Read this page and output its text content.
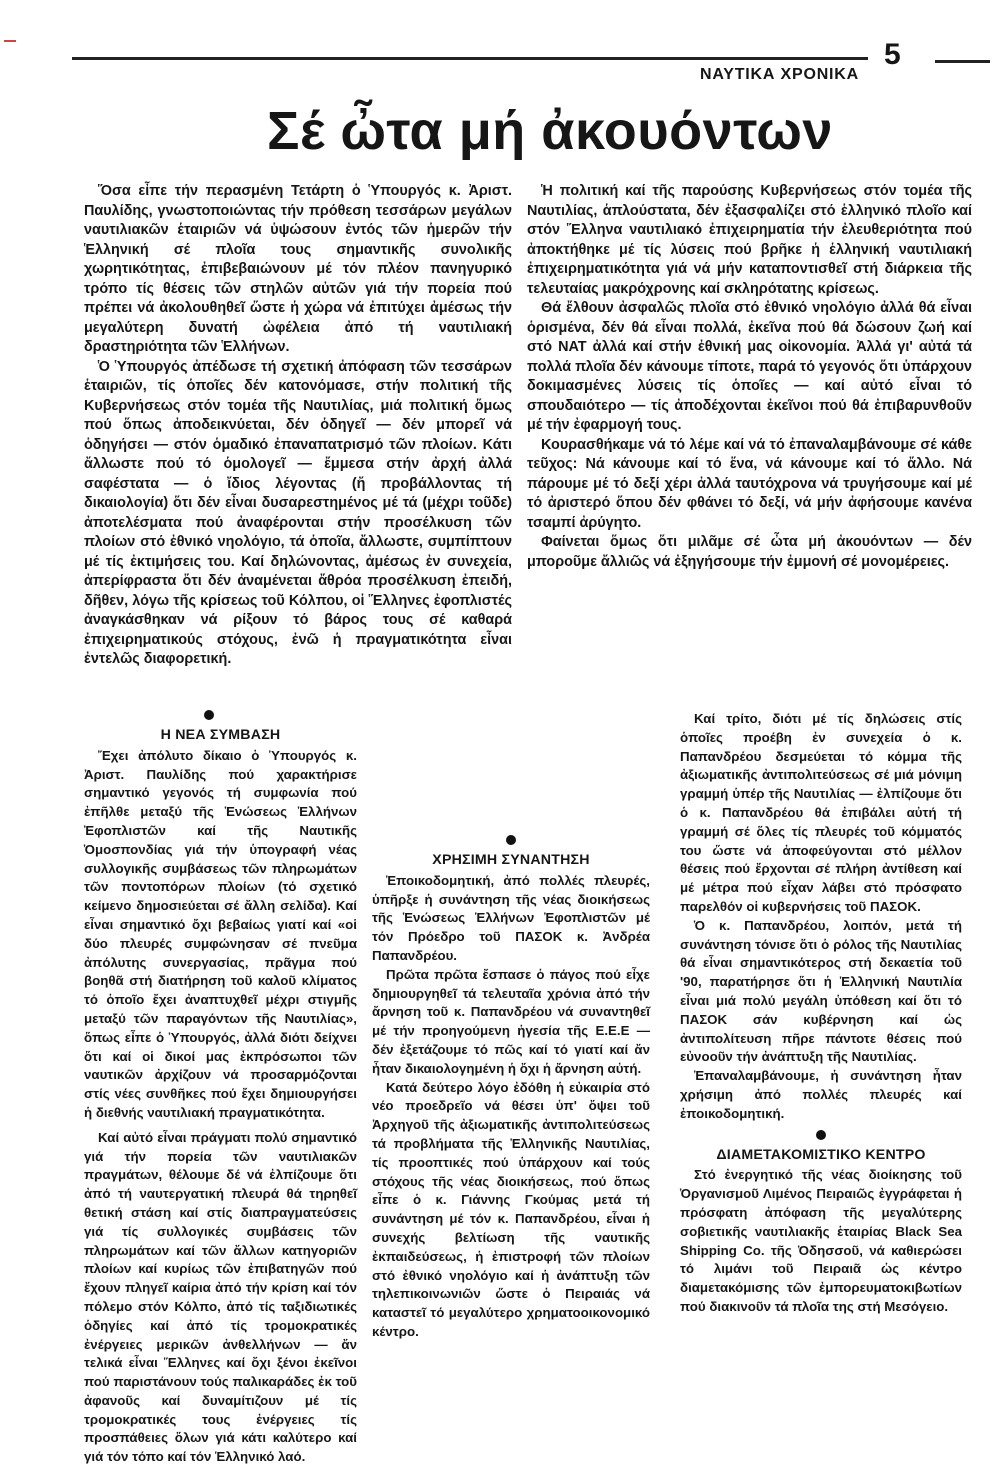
ΝΑΥΤΙΚΑ ΧΡΟΝΙΚΑ
5
Σέ ὦτα μή ἀκουόντων

Ὅσα εἶπε τήν περασμένη Τετάρτη ὁ Ὑπουργός κ. Ἀριστ. Παυλίδης, γνωστοποιώντας τήν πρόθεση τεσσάρων μεγάλων ναυτιλιακῶν ἑταιριῶν νά ὑψώσουν ἐντός τῶν ἡμερῶν τήν Ἑλληνική σέ πλοῖα τους σημαντικῆς συνολικῆς χωρητικότητας, ἐπιβεβαιώνουν μέ τόν πλέον πανηγυρικό τρόπο τίς θέσεις τῶν στηλῶν αὐτῶν γιά τήν πορεία πού πρέπει νά ἀκολουθηθεῖ ὥστε ἡ χώρα νά ἐπιτύχει ἀμέσως τήν μεγαλύτερη δυνατή ὠφέλεια ἀπό τή ναυτιλιακή δραστηριότητα τῶν Ἑλλήνων.

Ὁ Ὑπουργός ἀπέδωσε τή σχετική ἀπόφαση τῶν τεσσάρων ἑταιριῶν, τίς ὁποῖες δέν κατονόμασε, στήν πολιτική τῆς Κυβερνήσεως στόν τομέα τῆς Ναυτιλίας, μιά πολιτική ὅμως πού ὅπως ἀποδεικνύεται, δέν ὁδηγεῖ — δέν μπορεῖ νά ὁδηγήσει — στόν ὁμαδικό ἐπαναπατρισμό τῶν πλοίων. Κάτι ἄλλωστε πού τό ὁμολογεῖ — ἔμμεσα στήν ἀρχή ἀλλά σαφέστατα — ὁ ἴδιος λέγοντας (ἤ προβάλλοντας τή δικαιολογία) ὅτι δέν εἶναι δυσαρεστημένος μέ τά (μέχρι τοῦδε) ἀποτελέσματα πού ἀναφέρονται στήν προσέλκυση τῶν πλοίων στό ἐθνικό νηολόγιο, τά ὁποῖα, ἄλλωστε, συμπίπτουν μέ τίς ἐκτιμήσεις του. Καί δηλώνοντας, ἀμέσως ἐν συνεχεία, ἀπερίφραστα ὅτι δέν ἀναμένεται ἄθρόα προσέλκυση ἐπειδή, δῆθεν, λόγω τῆς κρίσεως τοῦ Κόλπου, οἱ Ἕλληνες ἐφοπλιστές ἀναγκάσθηκαν νά ρίξουν τό βάρος τους σέ καθαρά ἐπιχειρηματικούς στόχους, ἐνῶ ἡ πραγματικότητα εἶναι ἐντελῶς διαφορετική.

Ἡ πολιτική καί τῆς παρούσης Κυβερνήσεως στόν τομέα τῆς Ναυτιλίας, ἁπλούστατα, δέν ἐξασφαλίζει στό ἑλληνικό πλοῖο καί στόν Ἕλληνα ναυτιλιακό ἐπιχειρηματία τήν ἐλευθεριότητα πού ἀποκτήθηκε μέ τίς λύσεις πού βρῆκε ἡ ἑλληνική ναυτιλιακή ἐπιχειρηματικότητα γιά νά μήν καταποντισθεῖ στή διάρκεια τῆς τελευταίας μακρόχρονης καί σκληρότατης κρίσεως.

Θά ἔλθουν ἀσφαλῶς πλοῖα στό ἐθνικό νηολόγιο ἀλλά θά εἶναι ὁρισμένα, δέν θά εἶναι πολλά, ἐκεῖνα πού θά δώσουν ζωή καί στό ΝΑΤ ἀλλά καί στήν ἐθνική μας οἰκονομία. Ἀλλά γι' αὐτά τά πολλά πλοῖα δέν κάνουμε τίποτε, παρά τό γεγονός ὅτι ὑπάρχουν δοκιμασμένες λύσεις τίς ὁποῖες — καί αὐτό εἶναι τό σπουδαιότερο — τίς ἀποδέχονται ἐκεῖνοι πού θά ἐπιβαρυνθοῦν μέ τήν ἐφαρμογή τους.

Κουρασθήκαμε νά τό λέμε καί νά τό ἐπαναλαμβάνουμε σέ κάθε τεῦχος: Νά κάνουμε καί τό ἕνα, νά κάνουμε καί τό ἄλλο. Νά πάρουμε μέ τό δεξί χέρι ἀλλά ταυτόχρονα νά τρυγήσουμε καί μέ τό ἀριστερό ὅπου δέν φθάνει τό δεξί, νά μήν ἀφήσουμε κανένα τσαμπί ἀρύγητο.

Φαίνεται ὅμως ὅτι μιλᾶμε σέ ὦτα μή ἀκουόντων — δέν μποροῦμε ἄλλιῶς νά ἐξηγήσουμε τήν ἐμμονή σέ μονομέρειες.

Η ΝΕΑ ΣΥΜΒΑΣΗ

Ἔχει ἀπόλυτο δίκαιο ὁ Ὑπουργός κ. Ἀριστ. Παυλίδης πού χαρακτήρισε σημαντικό γεγονός τή συμφωνία πού ἐπῆλθε μεταξύ τῆς Ἑνώσεως Ἑλλήνων Ἐφοπλιστῶν καί τῆς Ναυτικῆς Ὁμοσπονδίας γιά τήν ὑπογραφή νέας συλλογικῆς συμβάσεως τῶν πληρωμάτων τῶν ποντοπόρων πλοίων (τό σχετικό κείμενο δημοσιεύεται σέ ἄλλη σελίδα). Καί εἶναι σημαντικό ὄχι βεβαίως γιατί καί «οἱ δύο πλευρές συμφώνησαν σέ πνεῦμα ἀπόλυτης συνεργασίας, πρᾶγμα πού βοηθᾶ στή διατήρηση τοῦ καλοῦ κλίματος τό ὁποῖο ἔχει ἀναπτυχθεῖ μέχρι στιγμῆς μεταξύ τῶν παραγόντων τῆς Ναυτιλίας», ὅπως εἶπε ὁ Ὑπουργός, ἀλλά διότι δείχνει ὅτι καί οἱ δικοί μας ἐκπρόσωποι τῶν ναυτικῶν ἀρχίζουν νά προσαρμόζονται στίς νέες συνθῆκες πού ἔχει δημιουργήσει ἡ διεθνής ναυτιλιακή πραγματικότητα.

Καί αὐτό εἶναι πράγματι πολύ σημαντικό γιά τήν πορεία τῶν ναυτιλιακῶν πραγμάτων, θέλουμε δέ νά ἐλπίζουμε ὅτι ἀπό τή ναυτεργατική πλευρά θά τηρηθεῖ θετική στάση καί στίς διαπραγματεύσεις γιά τίς συλλογικές συμβάσεις τῶν πληρωμάτων καί τῶν ἄλλων κατηγοριῶν πλοίων καί κυρίως τῶν ἐπιβατηγῶν πού ἔχουν πληγεῖ καίρια ἀπό τήν κρίση καί τόν πόλεμο στόν Κόλπο, ἀπό τίς ταξιδιωτικές ὁδηγίες καί ἀπό τίς τρομοκρατικές ἐνέργειες μερικῶν ἀνθελλήνων — ἄν τελικά εἶναι Ἕλληνες καί ὄχι ξένοι ἐκεῖνοι πού παριστάνουν τούς παλικαράδες ἐκ τοῦ ἀφανοῦς καί δυναμίτιζουν μέ τίς τρομοκρατικές τους ἐνέργειες τίς προσπάθειες ὅλων γιά κάτι καλύτερο καί γιά τόν τόπο καί τόν Ἑλληνικό λαό.

ΧΡΗΣΙΜΗ ΣΥΝΑΝΤΗΣΗ

Ἐποικοδομητική, ἀπό πολλές πλευρές, ὑπῆρξε ἡ συνάντηση τῆς νέας διοικήσεως τῆς Ἑνώσεως Ἑλλήνων Ἐφοπλιστῶν μέ τόν Πρόεδρο τοῦ ΠΑΣΟΚ κ. Ἀνδρέα Παπανδρέου.

Πρῶτα πρῶτα ἔσπασε ὁ πάγος πού εἶχε δημιουργηθεῖ τά τελευταῖα χρόνια ἀπό τήν ἄρνηση τοῦ κ. Παπανδρέου νά συναντηθεῖ μέ τήν προηγούμενη ἡγεσία τῆς Ε.Ε.Ε — δέν ἐξετάζουμε τό πῶς καί τό γιατί καί ἄν ἦταν δικαιολογημένη ἡ ὄχι ἡ ἄρνηση αὐτή.

Κατά δεύτερο λόγο ἐδόθη ἡ εὐκαιρία στό νέο προεδρεῖο νά θέσει ὑπ' ὄψει τοῦ Ἀρχηγοῦ τῆς ἀξιωματικῆς ἀντιπολιτεύσεως τά προβλήματα τῆς Ἑλληνικῆς Ναυτιλίας, τίς προοπτικές πού ὑπάρχουν καί τούς στόχους τῆς νέας διοικήσεως, πού ὅπως εἶπε ὁ κ. Γιάννης Γκούμας μετά τή συνάντηση μέ τόν κ. Παπανδρέου, εἶναι ἡ συνεχής βελτίωση τῆς ναυτικῆς ἐκπαιδεύσεως, ἡ ἐπιστροφή τῶν πλοίων στό ἐθνικό νηολόγιο καί ἡ ἀνάπτυξη τῶν τηλεπικοινωνιῶν ὥστε ὁ Πειραιάς νά καταστεῖ τό μεγαλύτερο χρηματοοικονομικό κέντρο.

Καί τρίτο, διότι μέ τίς δηλώσεις στίς ὁποῖες προέβη ἐν συνεχεία ὁ κ. Παπανδρέου δεσμεύεται τό κόμμα τῆς ἀξιωματικῆς ἀντιπολιτεύσεως σέ μιά μόνιμη γραμμή ὑπέρ τῆς Ναυτιλίας — ἐλπίζουμε ὅτι ὁ κ. Παπανδρέου θά ἐπιβάλει αὐτή τή γραμμή σέ ὅλες τίς πλευρές τοῦ κόμματός του ὥστε νά ἀποφεύγονται στό μέλλον θέσεις πού ἔρχονται σέ πλήρη ἀντίθεση καί μέ μέτρα πού εἶχαν λάβει στό πρόσφατο παρελθόν οἱ κυβερνήσεις τοῦ ΠΑΣΟΚ.

Ὁ κ. Παπανδρέου, λοιπόν, μετά τή συνάντηση τόνισε ὅτι ὁ ρόλος τῆς Ναυτιλίας θά εἶναι σημαντικότερος στή δεκαετία τοῦ '90, παρατήρησε ὅτι ἡ Ἑλληνική Ναυτιλία εἶναι μιά πολύ μεγάλη ὑπόθεση καί ὅτι τό ΠΑΣΟΚ σάν κυβέρνηση καί ὡς ἀντιπολίτευση πῆρε πάντοτε θέσεις πού εὐνοοῦν τήν ἀνάπτυξη τῆς Ναυτιλίας.

Ἐπαναλαμβάνουμε, ἡ συνάντηση ἦταν χρήσιμη ἀπό πολλές πλευρές καί ἐποικοδομητική.

ΔΙΑΜΕΤΑΚΟΜΙΣΤΙΚΟ ΚΕΝΤΡΟ

Στό ἐνεργητικό τῆς νέας διοίκησης τοῦ Ὀργανισμοῦ Λιμένος Πειραιῶς ἐγγράφεται ἡ πρόσφατη ἀπόφαση τῆς μεγαλύτερης σοβιετικῆς ναυτιλιακῆς ἑταιρίας Black Sea Shipping Co. τῆς Ὀδησσοῦ, νά καθιερώσει τό λιμάνι τοῦ Πειραιᾶ ὡς κέντρο διαμετακόμισης τῶν ἐμπορευματοκιβωτίων πού διακινοῦν τά πλοῖα της στή Μεσόγειο.
